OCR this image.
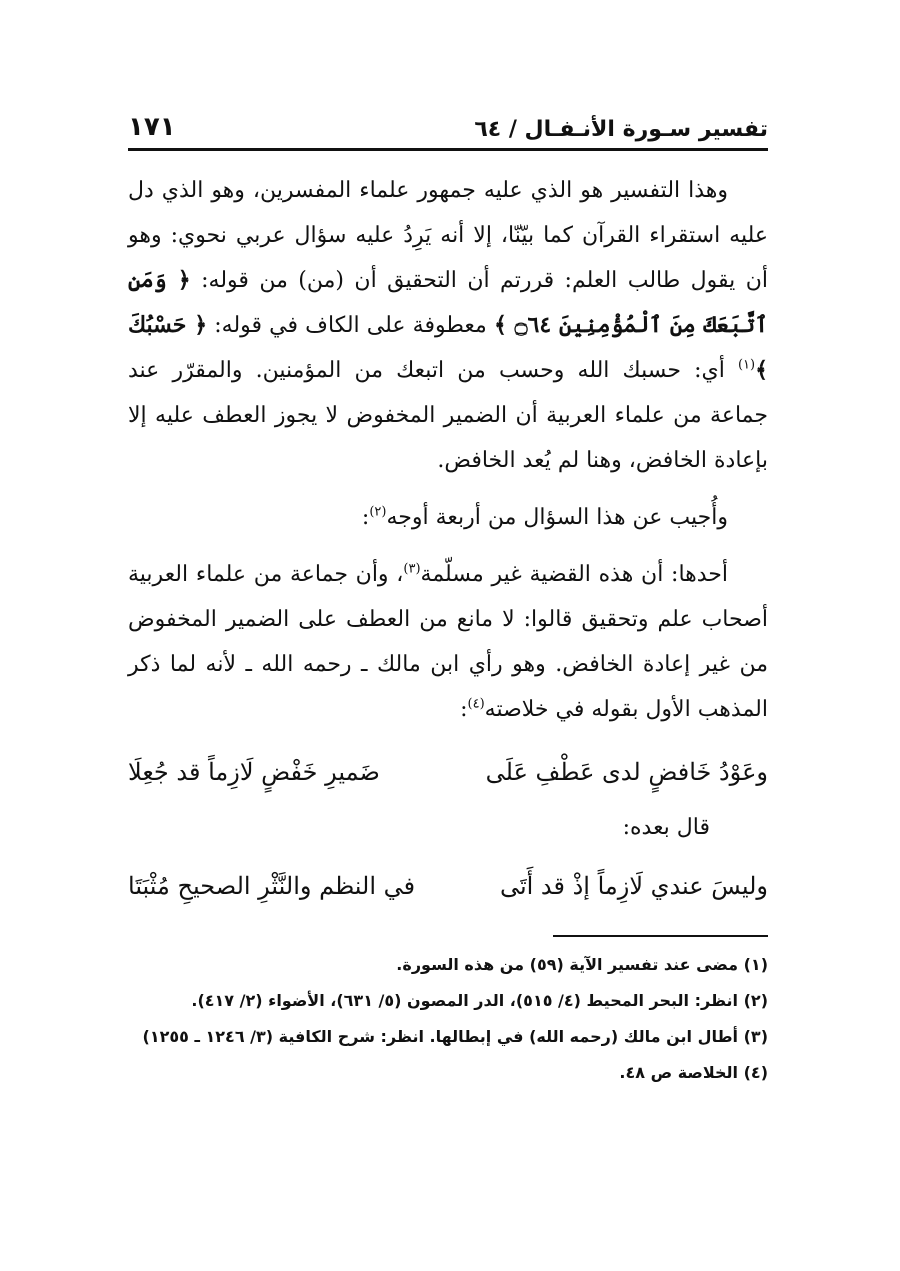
تفسير سـورة الأنـفـال / ٦٤
١٧١

وهذا التفسير هو الذي عليه جمهور علماء المفسرين، وهو الذي دل عليه استقراء القرآن كما بيّنّا، إلا أنه يَرِدُ عليه سؤال عربي نحوي: وهو أن يقول طالب العلم: قررتم أن التحقيق أن (من) من قوله: ﴿ وَمَنِ ٱتَّبَعَكَ مِنَ ٱلْمُؤْمِنِينَ ۝٦٤ ﴾ معطوفة على الكاف في قوله: ﴿ حَسْبُكَ ﴾$^{(١)}$ أي: حسبك الله وحسب من اتبعك من المؤمنين. والمقرّر عند جماعة من علماء العربية أن الضمير المخفوض لا يجوز العطف عليه إلا بإعادة الخافض، وهنا لم يُعد الخافض.

وأُجيب عن هذا السؤال من أربعة أوجه$^{(٢)}$:

أحدها: أن هذه القضية غير مسلّمة$^{(٣)}$، وأن جماعة من علماء العربية أصحاب علم وتحقيق قالوا: لا مانع من العطف على الضمير المخفوض من غير إعادة الخافض. وهو رأي ابن مالك ـ رحمه الله ـ لأنه لما ذكر المذهب الأول بقوله في خلاصته$^{(٤)}$:

وعَوْدُ خَافضٍ لدى عَطْفِ عَلَى
ضَميرِ خَفْضٍ لَازِماً قد جُعِلَا
قال بعده:
وليسَ عندي لَازِماً إذْ قد أَتَى
في النظم والنَّثْرِ الصحيحِ مُثْبَتَا

(١) مضى عند تفسير الآية (٥٩) من هذه السورة.

(٢) انظر: البحر المحيط (٤/ ٥١٥)، الدر المصون (٥/ ٦٣١)، الأضواء (٢/ ٤١٧).

(٣) أطال ابن مالك (رحمه الله) في إبطالها. انظر: شرح الكافية (٣/ ١٢٤٦ ـ ١٢٥٥)

(٤) الخلاصة ص ٤٨.
